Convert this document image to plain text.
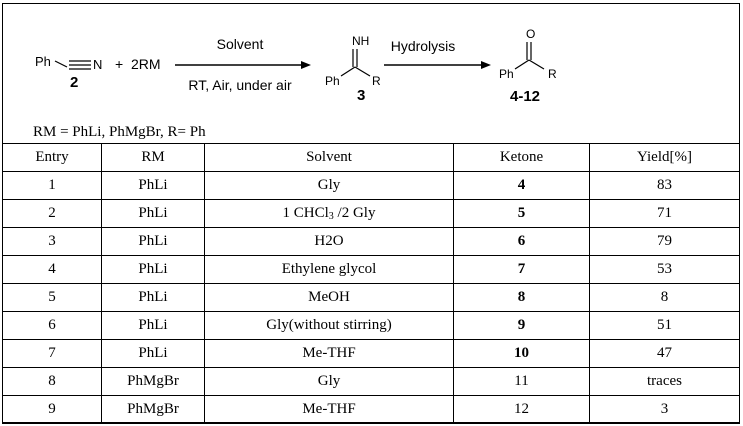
Ph	N
2
+ 2RM
Solvent
RT, Air, under air
NH
Ph	R
3
Hydrolysis
O
Ph	R
4-12
RM = PhLi, PhMgBr, R= Ph
Entry	RM	Solvent	Ketone	Yield[%]
1	PhLi	Gly	4	83
2	PhLi	1 CHCl$_3$ /2 Gly	5	71
3	PhLi	H2O	6	79
4	PhLi	Ethylene glycol	7	53
5	PhLi	MeOH	8	8
6	PhLi	Gly(without stirring)	9	51
7	PhLi	Me-THF	10	47
8	PhMgBr	Gly	11	traces
9	PhMgBr	Me-THF	12	3
